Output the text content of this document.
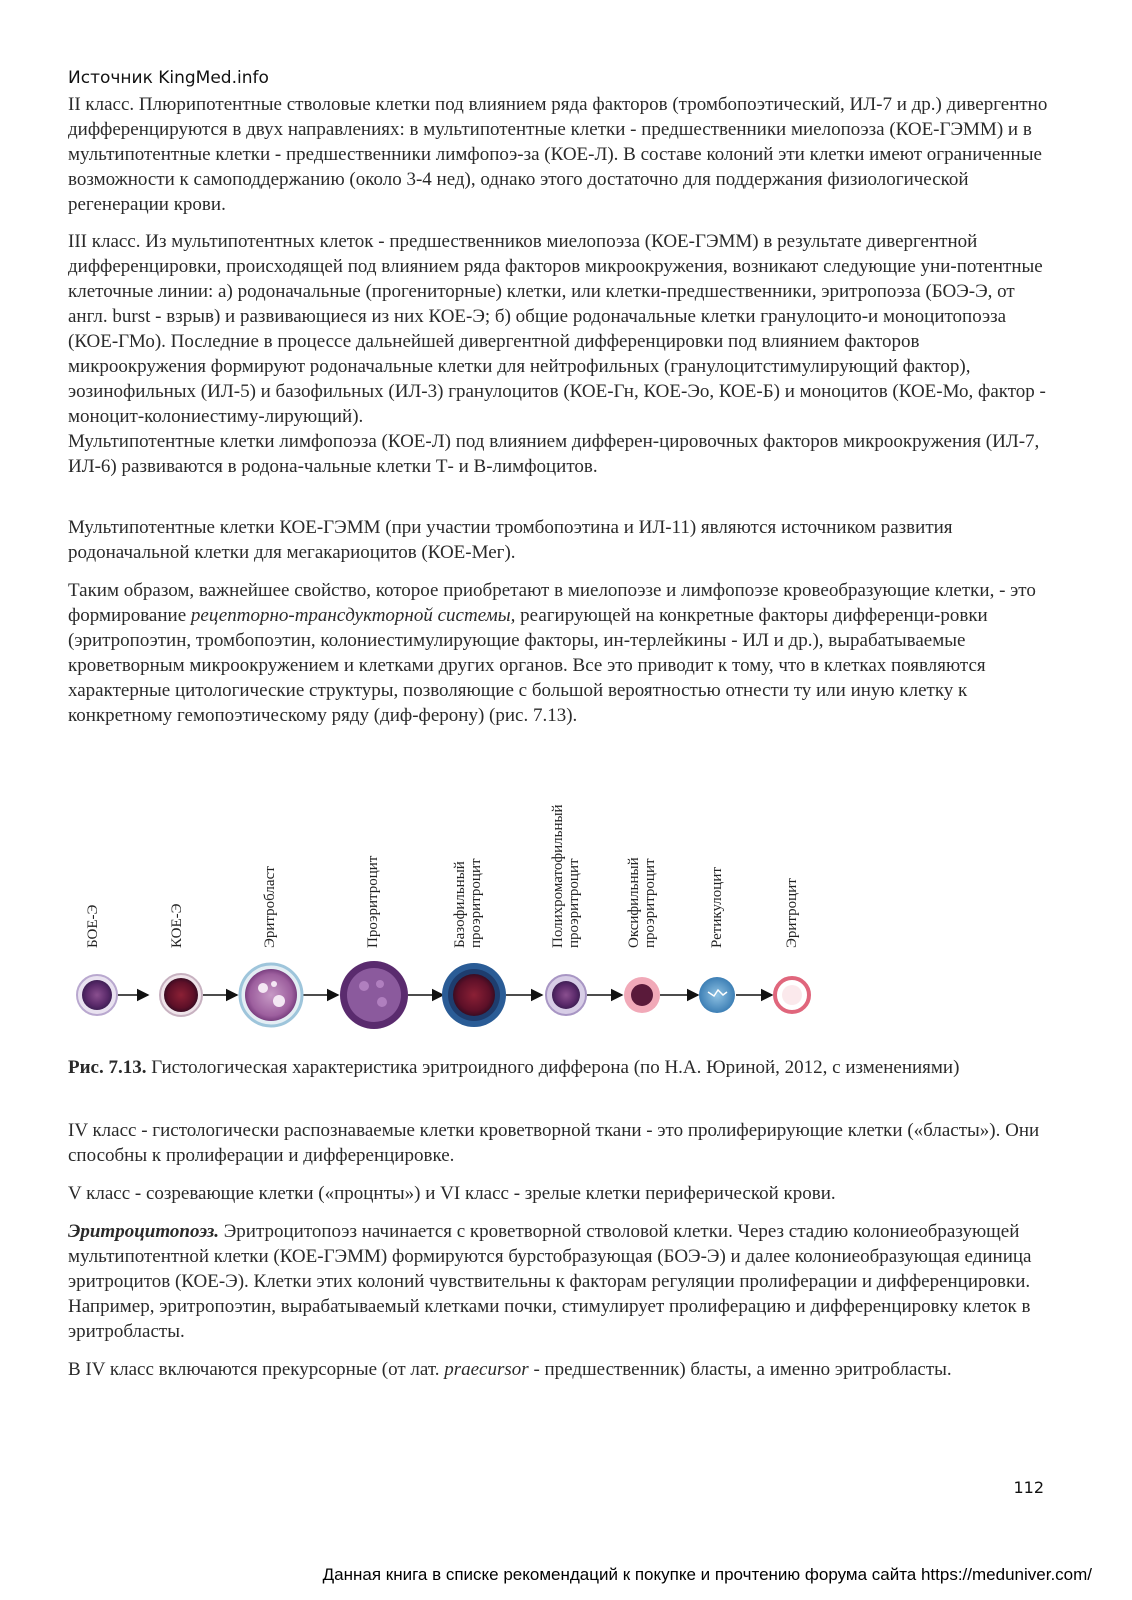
Источник KingMed.info

II класс. Плюрипотентные стволовые клетки под влиянием ряда факторов (тромбопоэтический, ИЛ-7 и др.) дивергентно дифференцируются в двух направлениях: в мультипотентные клетки - предшественники миелопоэза (КОЕ-ГЭММ) и в мультипотентные клетки - предшественники лимфопоэ-за (КОЕ-Л). В составе колоний эти клетки имеют ограниченные возможности к самоподдержанию (около 3-4 нед), однако этого достаточно для поддержания физиологической регенерации крови.

III класс. Из мультипотентных клеток - предшественников миелопоэза (КОЕ-ГЭММ) в результате дивергентной дифференцировки, происходящей под влиянием ряда факторов микроокружения, возникают следующие уни-потентные клеточные линии: а) родоначальные (прогениторные) клетки, или клетки-предшественники, эритропоэза (БОЭ-Э, от англ. burst - взрыв) и развивающиеся из них КОЕ-Э; б) общие родоначальные клетки гранулоцито-и моноцитопоэза (КОЕ-ГМо). Последние в процессе дальнейшей дивергентной дифференцировки под влиянием факторов микроокружения формируют родоначальные клетки для нейтрофильных (гранулоцитстимулирующий фактор), эозинофильных (ИЛ-5) и базофильных (ИЛ-3) гранулоцитов (КОЕ-Гн, КОЕ-Эо, КОЕ-Б) и моноцитов (КОЕ-Мо, фактор - моноцит-колониестиму-лирующий).

Мультипотентные клетки лимфопоэза (КОЕ-Л) под влиянием дифферен-цировочных факторов микроокружения (ИЛ-7, ИЛ-6) развиваются в родона-чальные клетки Т- и В-лимфоцитов.

Мультипотентные клетки КОЕ-ГЭММ (при участии тромбопоэтина и ИЛ-11) являются источником развития родоначальной клетки для мегакариоцитов (КОЕ-Мег).

Таким образом, важнейшее свойство, которое приобретают в миелопоэзе и лимфопоэзе кровеобразующие клетки, - это формирование рецепторно-трансдукторной системы, реагирующей на конкретные факторы дифференци-ровки (эритропоэтин, тромбопоэтин, колониестимулирующие факторы, ин-терлейкины - ИЛ и др.), вырабатываемые кроветворным микроокружением и клетками других органов. Все это приводит к тому, что в клетках появляются характерные цитологические структуры, позволяющие с большой вероятностью отнести ту или иную клетку к конкретному гемопоэтическому ряду (диф-ферону) (рис. 7.13).

БОЕ-Э	КОЕ-Э	Эритробласт	Проэритроцит	Базофильный проэритроцит	Полихроматофильный проэритроцит	Оксифильный проэритроцит	Ретикулоцит	Эритроцит

Рис. 7.13. Гистологическая характеристика эритроидного дифферона (по Н.А. Юриной, 2012, с изменениями)

IV класс - гистологически распознаваемые клетки кроветворной ткани - это пролиферирующие клетки («бласты»). Они способны к пролиферации и дифференцировке.

V класс - созревающие клетки («процнты») и VI класс - зрелые клетки периферической крови.

Эритроцитопоэз. Эритроцитопоэз начинается с кроветворной стволовой клетки. Через стадию колониеобразующей мультипотентной клетки (КОЕ-ГЭММ) формируются бурстобразующая (БОЭ-Э) и далее колониеобразующая единица эритроцитов (КОЕ-Э). Клетки этих колоний чувствительны к факторам регуляции пролиферации и дифференцировки. Например, эритропоэтин, вырабатываемый клетками почки, стимулирует пролиферацию и дифференцировку клеток в эритробласты.

В IV класс включаются прекурсорные (от лат. praecursor - предшественник) бласты, а именно эритробласты.

112
Данная книга в списке рекомендаций к покупке и прочтению форума сайта https://meduniver.com/
